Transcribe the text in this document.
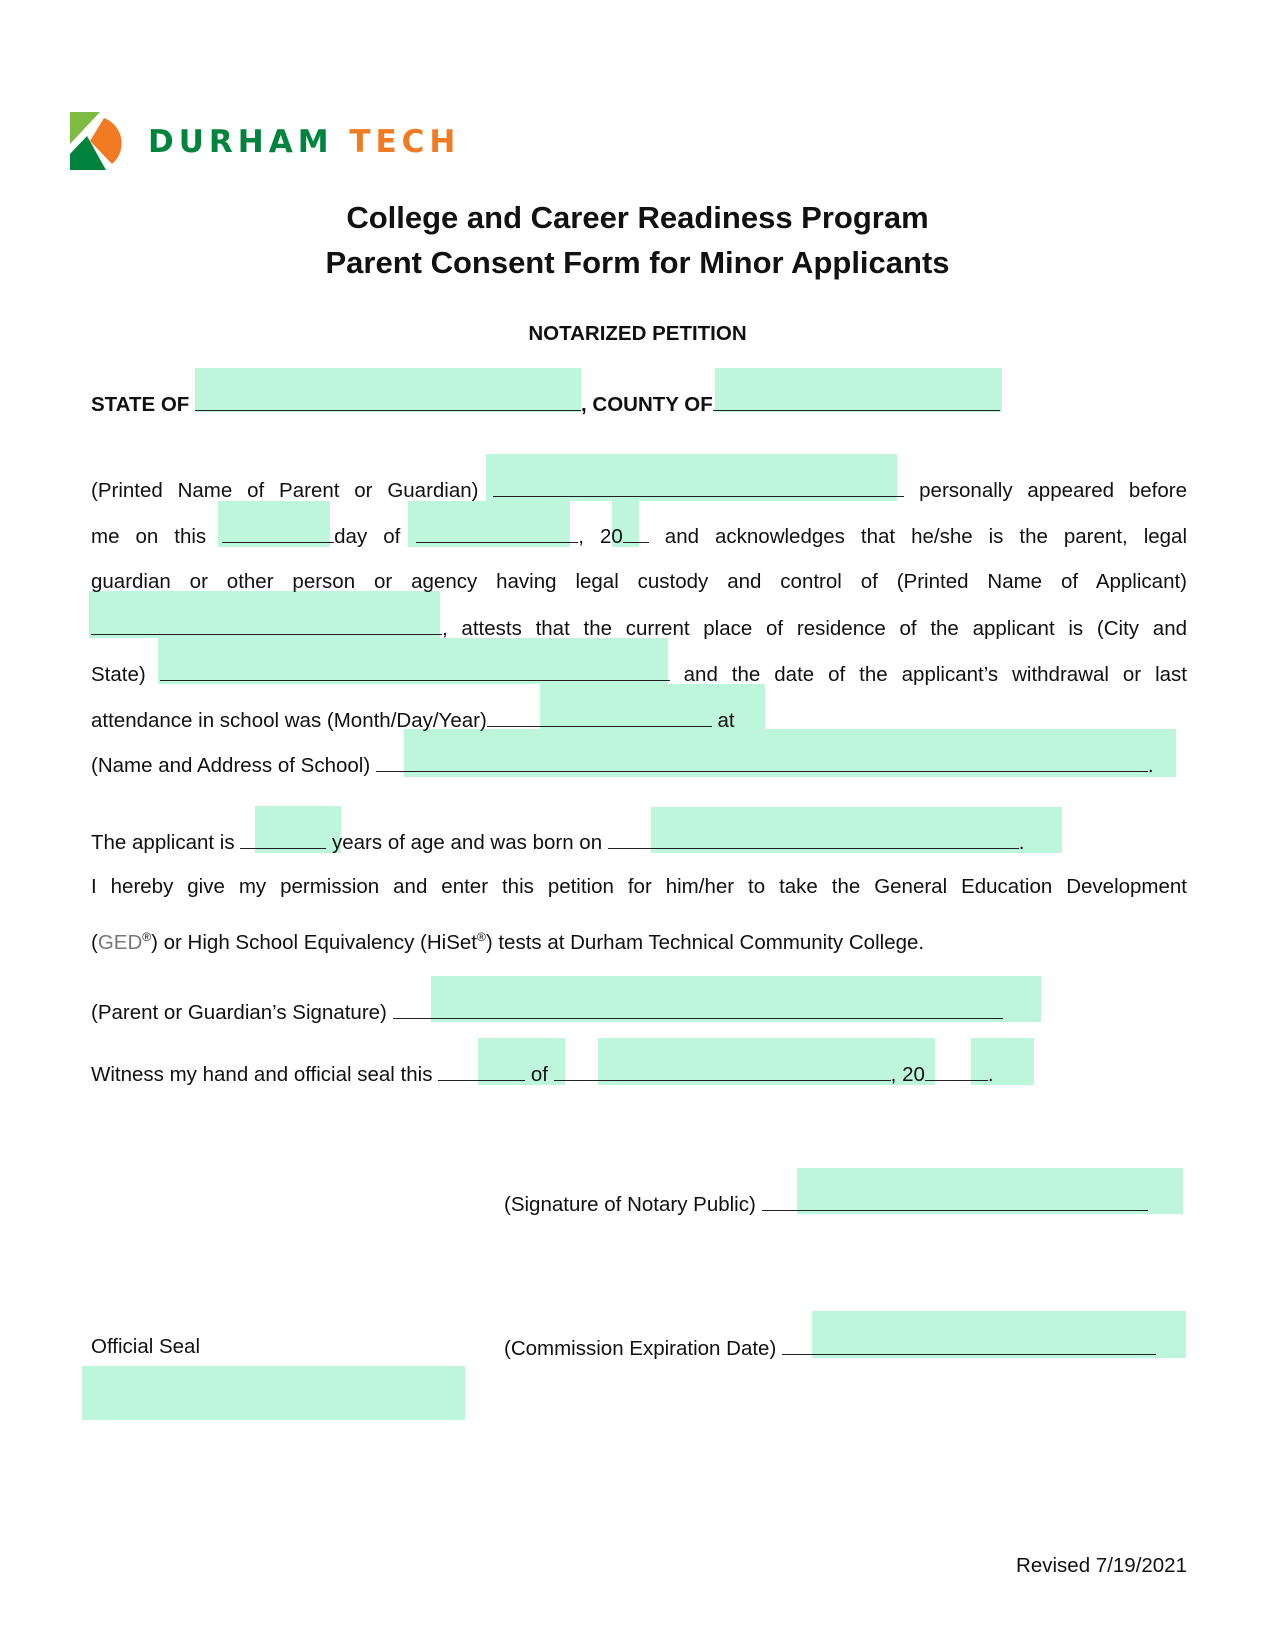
DURHAM TECH
College and Career Readiness Program
Parent Consent Form for Minor Applicants
NOTARIZED PETITION
STATE OF	, COUNTY OF
(Printed Name of Parent or Guardian)	personally appeared before
me on this	day of	, 20 and acknowledges that he/she is the parent, legal
guardian or other person or agency having legal custody and control of (Printed Name of Applicant)
, attests that the current place of residence of the applicant is (City and
State)	and the date of the applicant’s withdrawal or last
attendance in school was (Month/Day/Year)	at
(Name and Address of School)	.
The applicant is	years of age and was born on	.
I hereby give my permission and enter this petition for him/her to take the General Education Development
(GED®) or High School Equivalency (HiSet®) tests at Durham Technical Community College.
(Parent or Guardian’s Signature)
Witness my hand and official seal this	of	, 20	.
(Signature of Notary Public)
Official Seal	(Commission Expiration Date)
Revised 7/19/2021
